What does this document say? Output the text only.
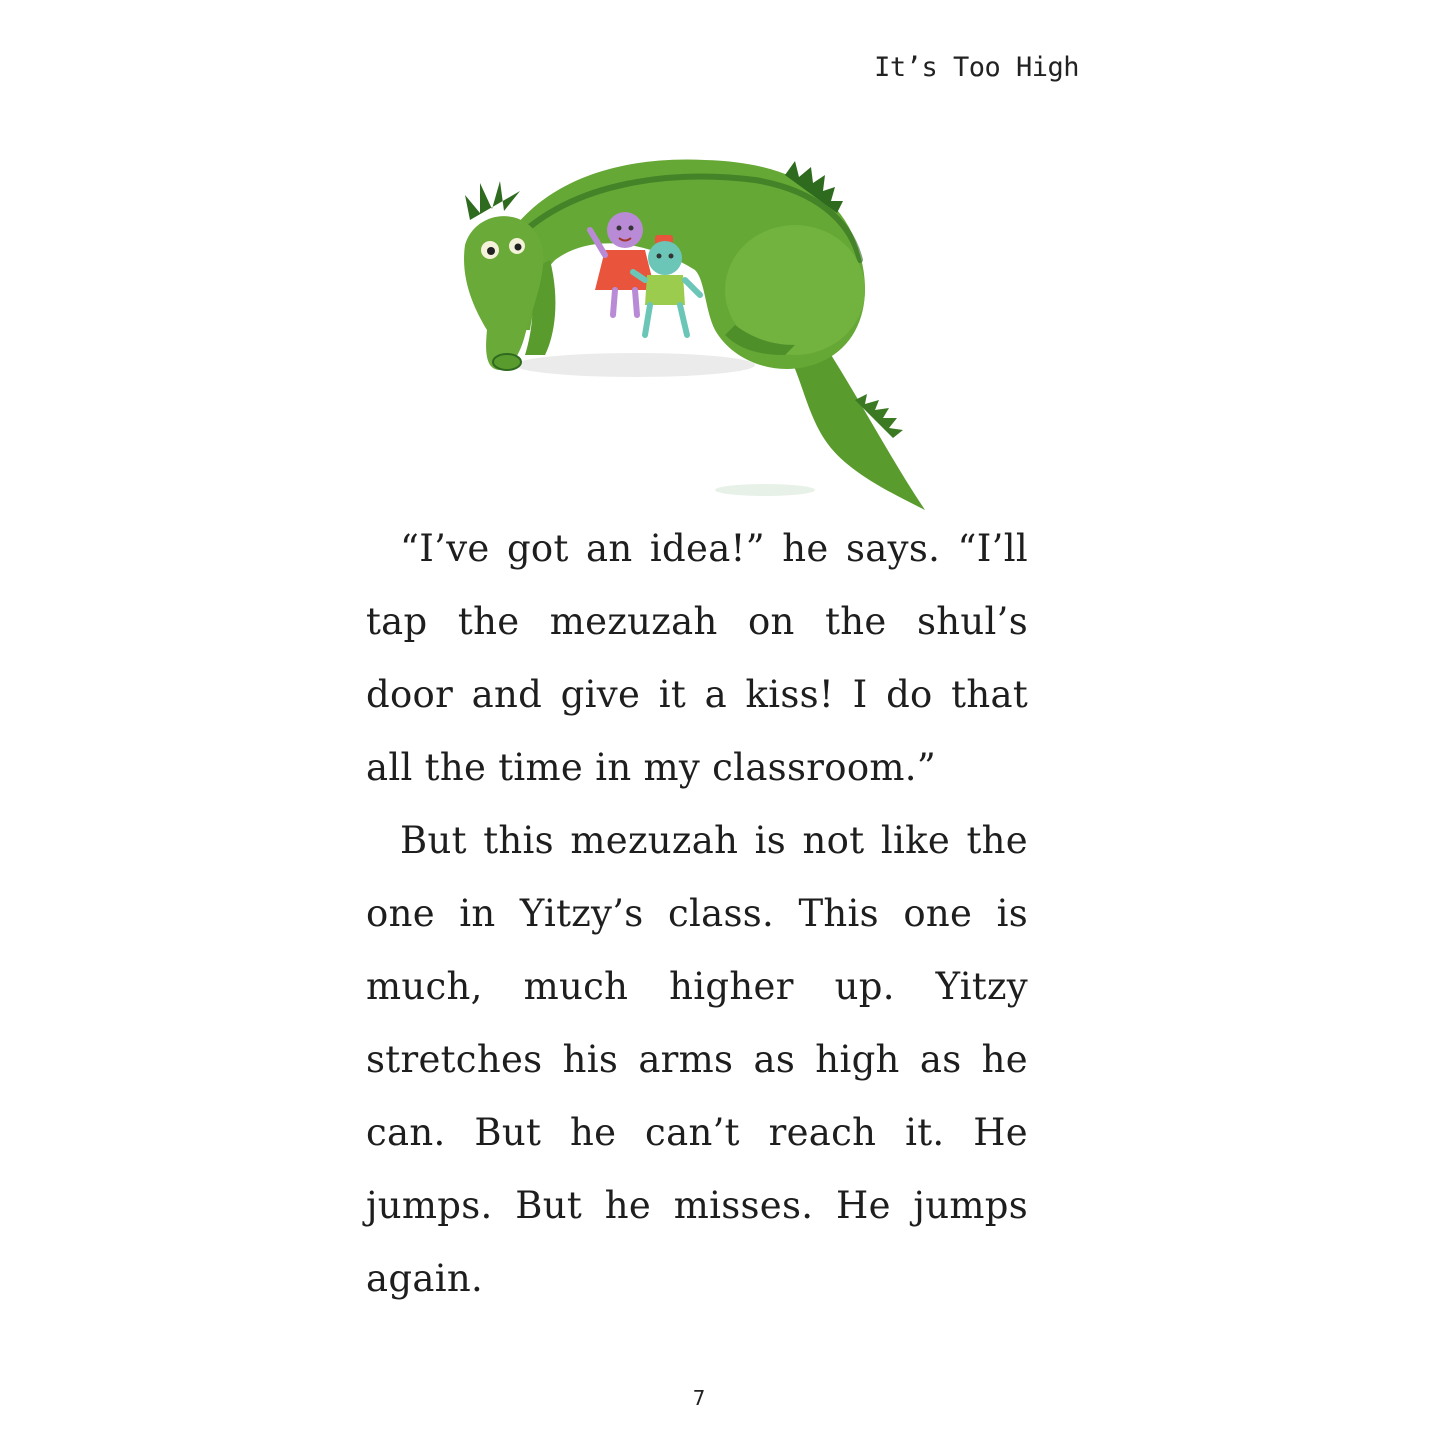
It’s Too High

“I’ve got an idea!” he says. “I’ll tap the mezuzah on the shul’s door and give it a kiss! I do that all the time in my classroom.”

But this mezuzah is not like the one in Yitzy’s class. This one is much, much higher up. Yitzy stretches his arms as high as he can. But he can’t reach it. He jumps. But he misses. He jumps again.

7
